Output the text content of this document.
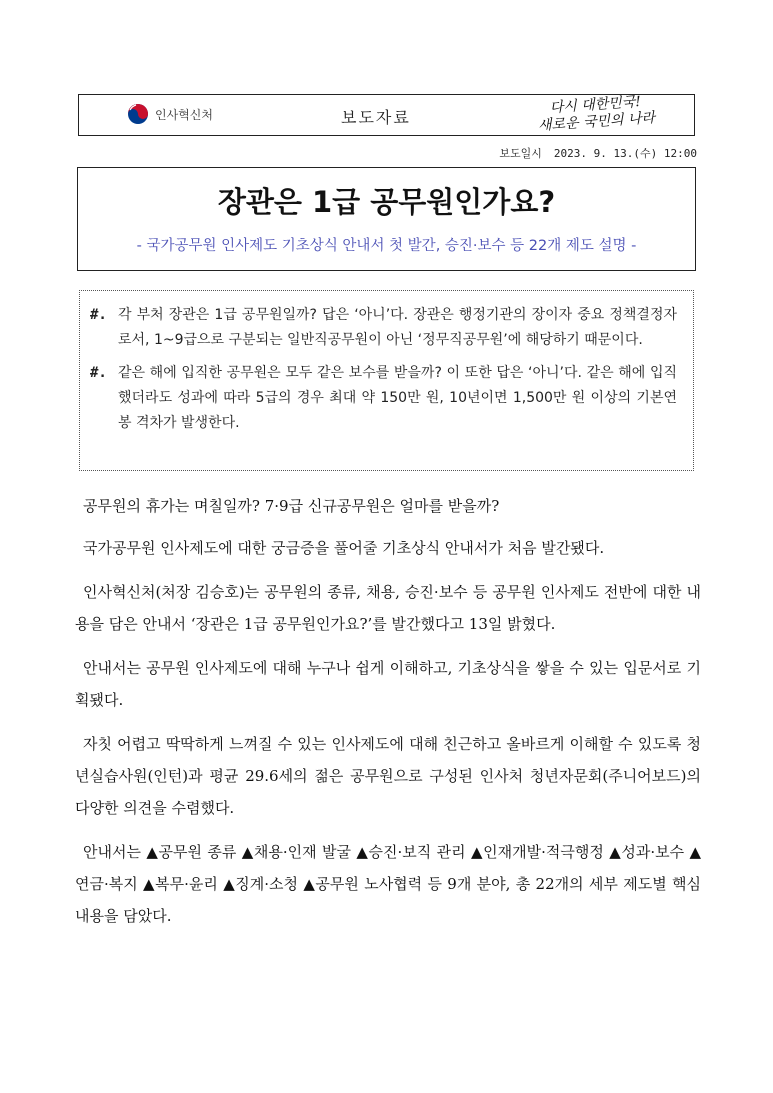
인사혁신처	보도자료
다시 대한민국!
새로운 국민의 나라
보도일시 2023. 9. 13.(수) 12:00
장관은 1급 공무원인가요?
- 국가공무원 인사제도 기초상식 안내서 첫 발간, 승진·보수 등 22개 제도 설명 -
#. 각 부처 장관은 1급 공무원일까? 답은 ‘아니’다. 장관은 행정기관의 장이자 중요 정책결정자로서, 1~9급으로 구분되는 일반직공무원이 아닌 ‘정무직공무원’에 해당하기 때문이다.
#. 같은 해에 입직한 공무원은 모두 같은 보수를 받을까? 이 또한 답은 ‘아니’다. 같은 해에 입직했더라도 성과에 따라 5급의 경우 최대 약 150만 원, 10년이면 1,500만 원 이상의 기본연봉 격차가 발생한다.

공무원의 휴가는 며칠일까? 7·9급 신규공무원은 얼마를 받을까?

국가공무원 인사제도에 대한 궁금증을 풀어줄 기초상식 안내서가 처음 발간됐다.

인사혁신처(처장 김승호)는 공무원의 종류, 채용, 승진·보수 등 공무원 인사제도 전반에 대한 내용을 담은 안내서 ‘장관은 1급 공무원인가요?’를 발간했다고 13일 밝혔다.

안내서는 공무원 인사제도에 대해 누구나 쉽게 이해하고, 기초상식을 쌓을 수 있는 입문서로 기획됐다.

자칫 어렵고 딱딱하게 느껴질 수 있는 인사제도에 대해 친근하고 올바르게 이해할 수 있도록 청년실습사원(인턴)과 평균 29.6세의 젊은 공무원으로 구성된 인사처 청년자문회(주니어보드)의 다양한 의견을 수렴했다.

안내서는 ▲공무원 종류 ▲채용·인재 발굴 ▲승진·보직 관리 ▲인재개발·적극행정 ▲성과·보수 ▲연금·복지 ▲복무·윤리 ▲징계·소청 ▲공무원 노사협력 등 9개 분야, 총 22개의 세부 제도별 핵심 내용을 담았다.
